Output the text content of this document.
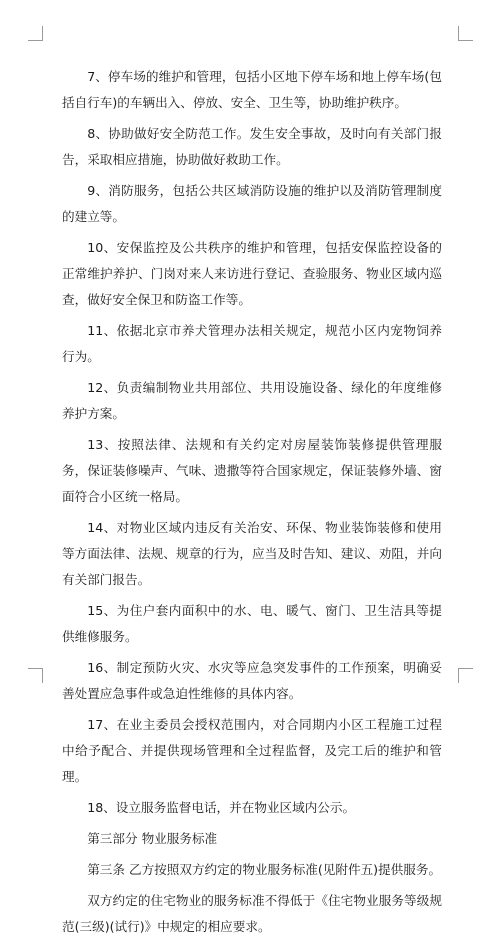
7、停车场的维护和管理，包括小区地下停车场和地上停车场(包括自行车)的车辆出入、停放、安全、卫生等，协助维护秩序。

8、协助做好安全防范工作。发生安全事故，及时向有关部门报告，采取相应措施，协助做好救助工作。

9、消防服务，包括公共区域消防设施的维护以及消防管理制度的建立等。

10、安保监控及公共秩序的维护和管理，包括安保监控设备的正常维护养护、门岗对来人来访进行登记、查验服务、物业区域内巡查，做好安全保卫和防盗工作等。

11、依据北京市养犬管理办法相关规定，规范小区内宠物饲养行为。

12、负责编制物业共用部位、共用设施设备、绿化的年度维修养护方案。

13、按照法律、法规和有关约定对房屋装饰装修提供管理服务，保证装修噪声、气味、遗撒等符合国家规定，保证装修外墙、窗面符合小区统一格局。

14、对物业区域内违反有关治安、环保、物业装饰装修和使用等方面法律、法规、规章的行为，应当及时告知、建议、劝阻，并向有关部门报告。

15、为住户套内面积中的水、电、暖气、窗门、卫生洁具等提供维修服务。

16、制定预防火灾、水灾等应急突发事件的工作预案，明确妥善处置应急事件或急迫性维修的具体内容。

17、在业主委员会授权范围内，对合同期内小区工程施工过程中给予配合、并提供现场管理和全过程监督，及完工后的维护和管理。

18、设立服务监督电话，并在物业区域内公示。

第三部分 物业服务标准

第三条 乙方按照双方约定的物业服务标准(见附件五)提供服务。

双方约定的住宅物业的服务标准不得低于《住宅物业服务等级规范(三级)(试行)》中规定的相应要求。
